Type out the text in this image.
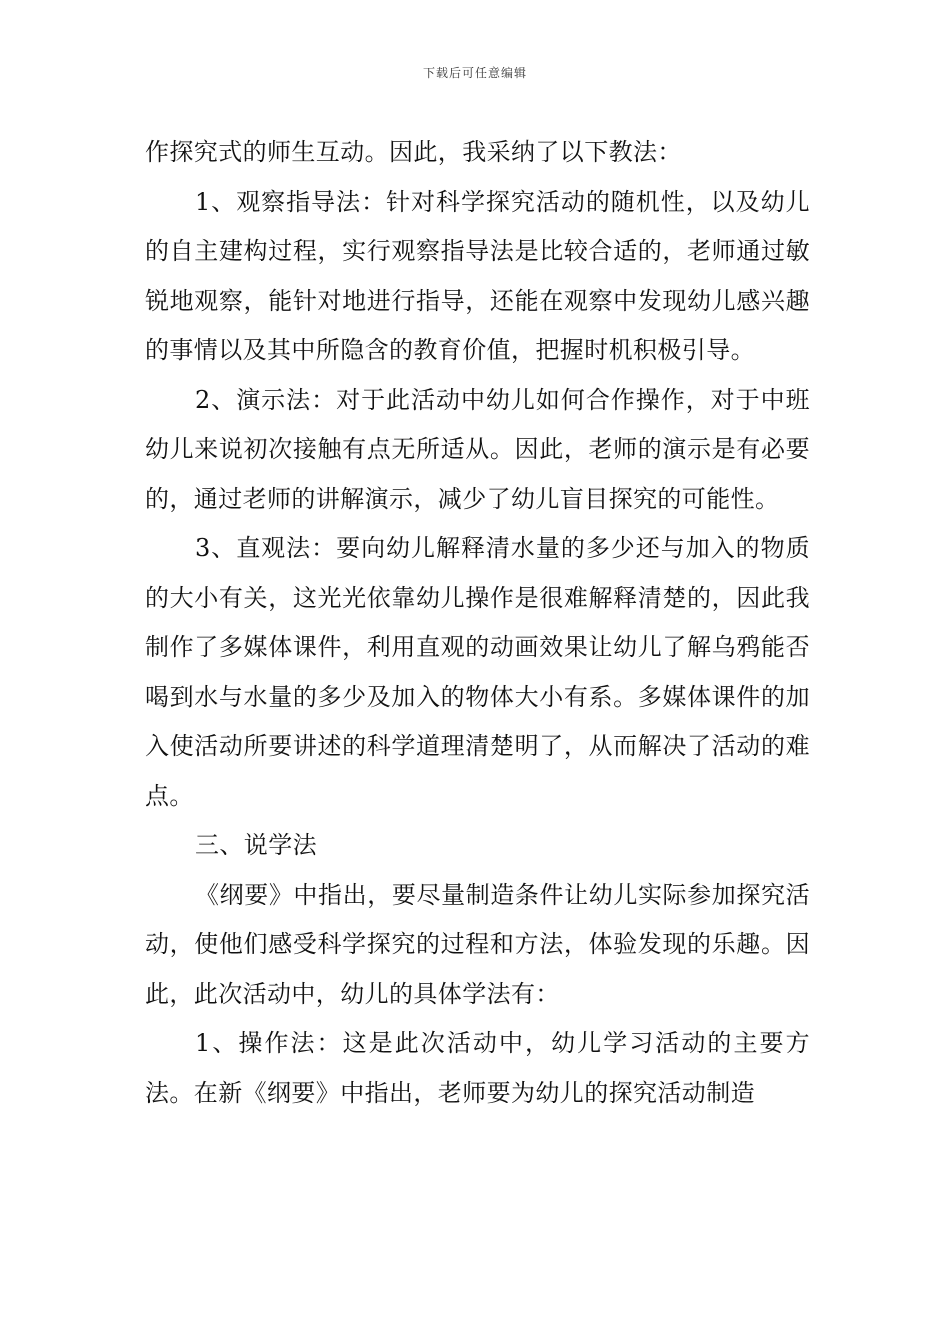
下载后可任意编辑

作探究式的师生互动。因此，我采纳了以下教法：

1、观察指导法：针对科学探究活动的随机性，以及幼儿的自主建构过程，实行观察指导法是比较合适的，老师通过敏锐地观察，能针对地进行指导，还能在观察中发现幼儿感兴趣的事情以及其中所隐含的教育价值，把握时机积极引导。

2、演示法：对于此活动中幼儿如何合作操作，对于中班幼儿来说初次接触有点无所适从。因此，老师的演示是有必要的，通过老师的讲解演示，减少了幼儿盲目探究的可能性。

3、直观法：要向幼儿解释清水量的多少还与加入的物质的大小有关，这光光依靠幼儿操作是很难解释清楚的，因此我制作了多媒体课件，利用直观的动画效果让幼儿了解乌鸦能否喝到水与水量的多少及加入的物体大小有系。多媒体课件的加入使活动所要讲述的科学道理清楚明了，从而解决了活动的难点。

三、说学法

《纲要》中指出，要尽量制造条件让幼儿实际参加探究活动，使他们感受科学探究的过程和方法，体验发现的乐趣。因此，此次活动中，幼儿的具体学法有：

1、操作法：这是此次活动中，幼儿学习活动的主要方法。在新《纲要》中指出，老师要为幼儿的探究活动制造
